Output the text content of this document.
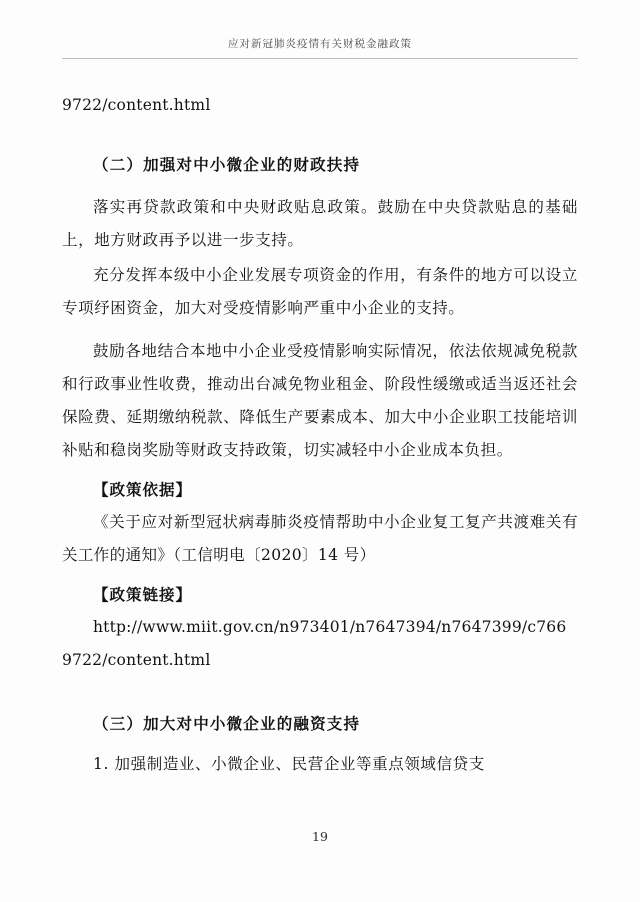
应对新冠肺炎疫情有关财税金融政策

9722/content.html

（二）加强对中小微企业的财政扶持

落实再贷款政策和中央财政贴息政策。鼓励在中央贷款贴息的基础上，地方财政再予以进一步支持。

充分发挥本级中小企业发展专项资金的作用，有条件的地方可以设立专项纾困资金，加大对受疫情影响严重中小企业的支持。

鼓励各地结合本地中小企业受疫情影响实际情况，依法依规减免税款和行政事业性收费，推动出台减免物业租金、阶段性缓缴或适当返还社会保险费、延期缴纳税款、降低生产要素成本、加大中小企业职工技能培训补贴和稳岗奖励等财政支持政策，切实减轻中小企业成本负担。

【政策依据】

《关于应对新型冠状病毒肺炎疫情帮助中小企业复工复产共渡难关有关工作的通知》（工信明电〔2020〕14 号）

【政策链接】

http://www.miit.gov.cn/n973401/n7647394/n7647399/c766

9722/content.html

（三）加大对中小微企业的融资支持

1. 加强制造业、小微企业、民营企业等重点领域信贷支

19
